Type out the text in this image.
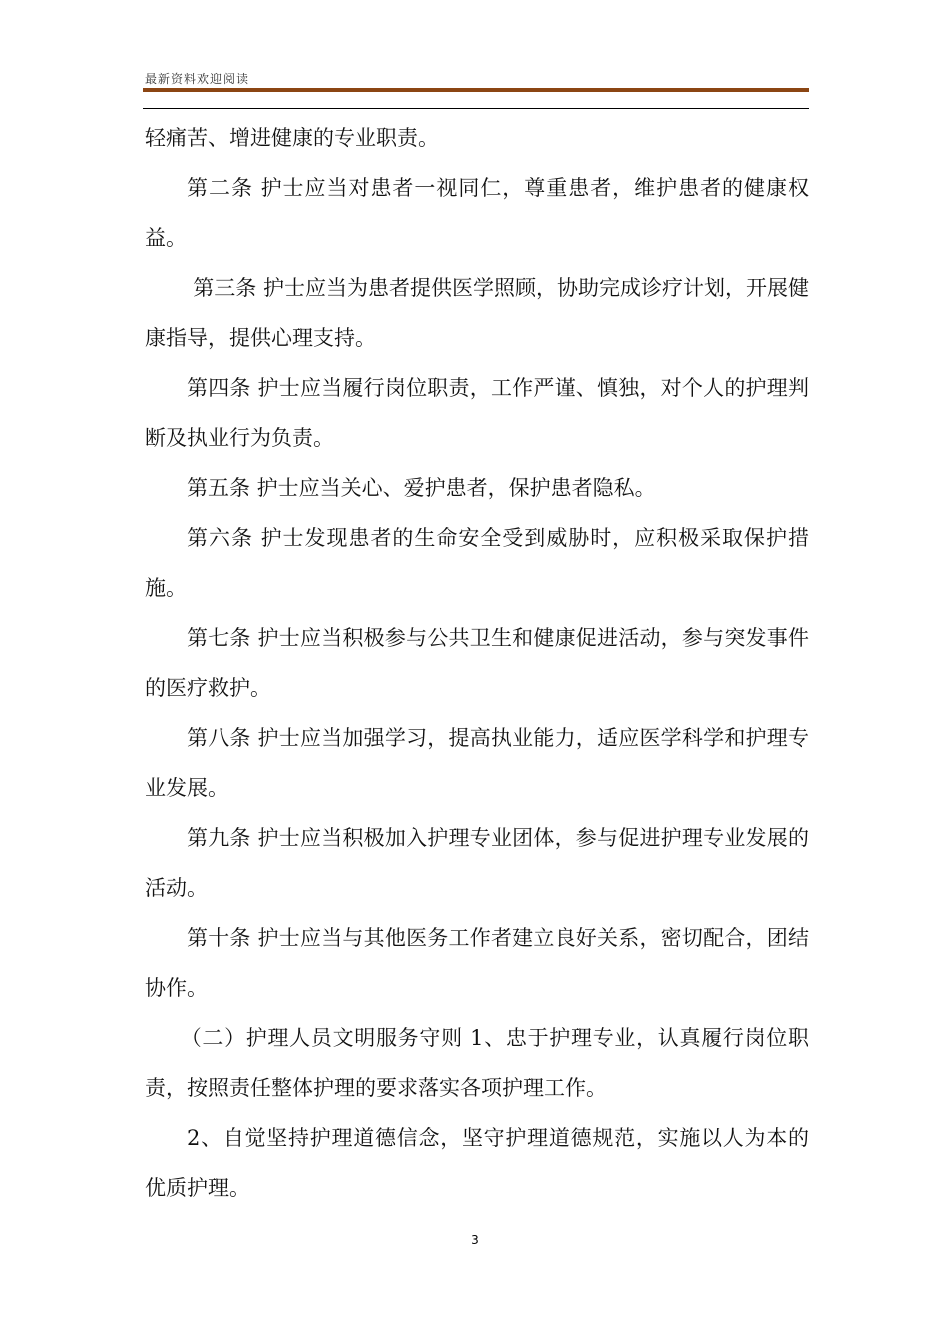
最新资料欢迎阅读

轻痛苦、增进健康的专业职责。

第二条 护士应当对患者一视同仁，尊重患者，维护患者的健康权益。

第三条 护士应当为患者提供医学照顾，协助完成诊疗计划，开展健康指导，提供心理支持。

第四条 护士应当履行岗位职责，工作严谨、慎独，对个人的护理判断及执业行为负责。

第五条 护士应当关心、爱护患者，保护患者隐私。

第六条 护士发现患者的生命安全受到威胁时，应积极采取保护措施。

第七条 护士应当积极参与公共卫生和健康促进活动，参与突发事件的医疗救护。

第八条 护士应当加强学习，提高执业能力，适应医学科学和护理专业发展。

第九条 护士应当积极加入护理专业团体，参与促进护理专业发展的活动。

第十条 护士应当与其他医务工作者建立良好关系，密切配合，团结协作。

（二）护理人员文明服务守则 1、忠于护理专业，认真履行岗位职责，按照责任整体护理的要求落实各项护理工作。

2、自觉坚持护理道德信念，坚守护理道德规范，实施以人为本的优质护理。

3
